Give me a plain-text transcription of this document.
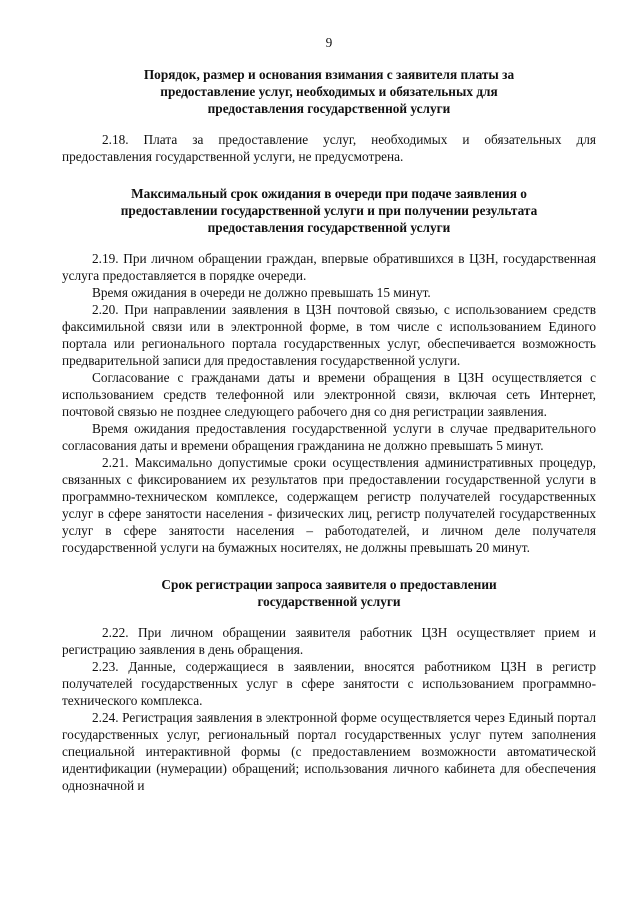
9
Порядок, размер и основания взимания с заявителя платы за
предоставление услуг, необходимых и обязательных для
предоставления государственной услуги

2.18. Плата за предоставление услуг, необходимых и обязательных для предоставления государственной услуги, не предусмотрена.

Максимальный срок ожидания в очереди при подаче заявления о
предоставлении государственной услуги и при получении результата
предоставления государственной услуги

2.19. При личном обращении граждан, впервые обратившихся в ЦЗН, государственная услуга предоставляется в порядке очереди.

Время ожидания в очереди не должно превышать 15 минут.

2.20. При направлении заявления в ЦЗН почтовой связью, с использованием средств факсимильной связи или в электронной форме, в том числе с использованием Единого портала или регионального портала государственных услуг, обеспечивается возможность предварительной записи для предоставления государственной услуги.

Согласование с гражданами даты и времени обращения в ЦЗН осуществляется с использованием средств телефонной или электронной связи, включая сеть Интернет, почтовой связью не позднее следующего рабочего дня со дня регистрации заявления.

Время ожидания предоставления государственной услуги в случае предварительного согласования даты и времени обращения гражданина не должно превышать 5 минут.

2.21. Максимально допустимые сроки осуществления административных процедур, связанных с фиксированием их результатов при предоставлении государственной услуги в программно-техническом комплексе, содержащем регистр получателей государственных услуг в сфере занятости населения - физических лиц, регистр получателей государственных услуг в сфере занятости населения – работодателей, и личном деле получателя государственной услуги на бумажных носителях, не должны превышать 20 минут.

Срок регистрации запроса заявителя о предоставлении
государственной услуги

2.22. При личном обращении заявителя работник ЦЗН осуществляет прием и регистрацию заявления в день обращения.

2.23. Данные, содержащиеся в заявлении, вносятся работником ЦЗН в регистр получателей государственных услуг в сфере занятости с использованием программно-технического комплекса.

2.24. Регистрация заявления в электронной форме осуществляется через Единый портал государственных услуг, региональный портал государственных услуг путем заполнения специальной интерактивной формы (с предоставлением возможности автоматической идентификации (нумерации) обращений; использования личного кабинета для обеспечения однозначной и
